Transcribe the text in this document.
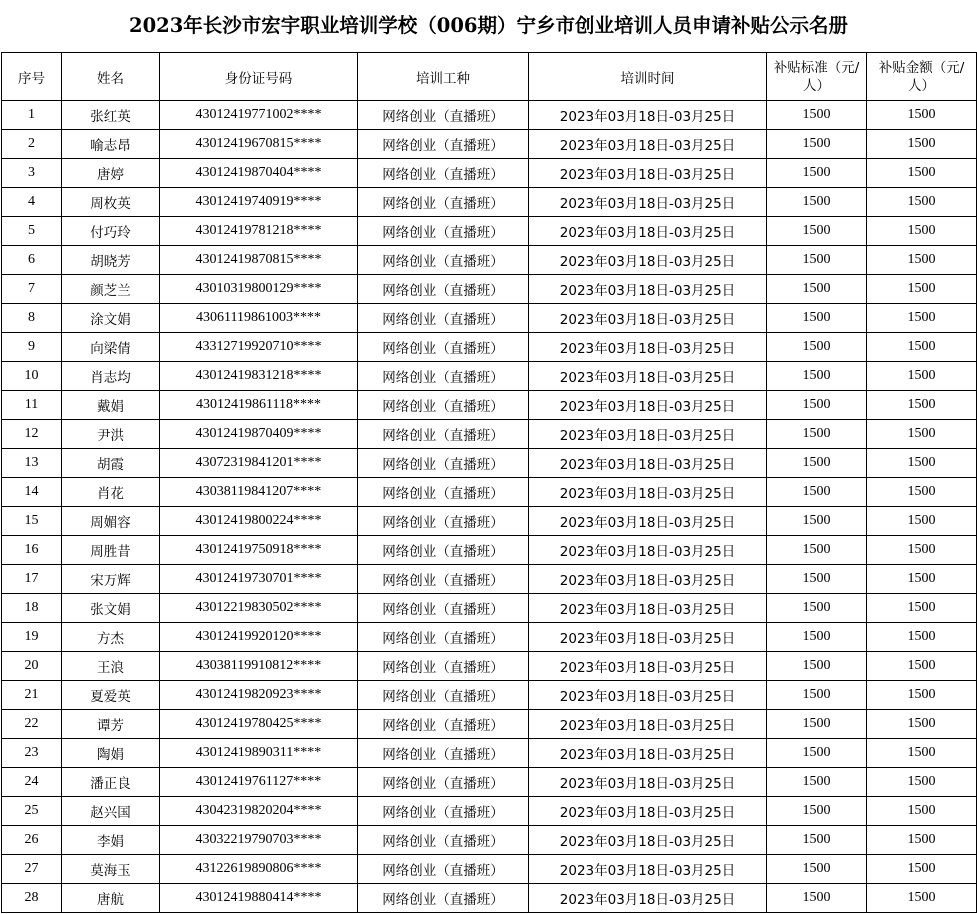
2023年长沙市宏宇职业培训学校（006期）宁乡市创业培训人员申请补贴公示名册
序号	姓名	身份证号码	培训工种	培训时间	补贴标准（元/人）	补贴金额（元/人）
1	张红英	43012419771002****	网络创业（直播班）	2023年03月18日-03月25日	1500	1500
2	喻志昂	43012419670815****	网络创业（直播班）	2023年03月18日-03月25日	1500	1500
3	唐婷	43012419870404****	网络创业（直播班）	2023年03月18日-03月25日	1500	1500
4	周枚英	43012419740919****	网络创业（直播班）	2023年03月18日-03月25日	1500	1500
5	付巧玲	43012419781218****	网络创业（直播班）	2023年03月18日-03月25日	1500	1500
6	胡晓芳	43012419870815****	网络创业（直播班）	2023年03月18日-03月25日	1500	1500
7	颜芝兰	43010319800129****	网络创业（直播班）	2023年03月18日-03月25日	1500	1500
8	涂文娟	43061119861003****	网络创业（直播班）	2023年03月18日-03月25日	1500	1500
9	向梁倩	43312719920710****	网络创业（直播班）	2023年03月18日-03月25日	1500	1500
10	肖志均	43012419831218****	网络创业（直播班）	2023年03月18日-03月25日	1500	1500
11	戴娟	43012419861118****	网络创业（直播班）	2023年03月18日-03月25日	1500	1500
12	尹洪	43012419870409****	网络创业（直播班）	2023年03月18日-03月25日	1500	1500
13	胡霞	43072319841201****	网络创业（直播班）	2023年03月18日-03月25日	1500	1500
14	肖花	43038119841207****	网络创业（直播班）	2023年03月18日-03月25日	1500	1500
15	周媚容	43012419800224****	网络创业（直播班）	2023年03月18日-03月25日	1500	1500
16	周胜昔	43012419750918****	网络创业（直播班）	2023年03月18日-03月25日	1500	1500
17	宋万辉	43012419730701****	网络创业（直播班）	2023年03月18日-03月25日	1500	1500
18	张文娟	43012219830502****	网络创业（直播班）	2023年03月18日-03月25日	1500	1500
19	方杰	43012419920120****	网络创业（直播班）	2023年03月18日-03月25日	1500	1500
20	王浪	43038119910812****	网络创业（直播班）	2023年03月18日-03月25日	1500	1500
21	夏爱英	43012419820923****	网络创业（直播班）	2023年03月18日-03月25日	1500	1500
22	谭芳	43012419780425****	网络创业（直播班）	2023年03月18日-03月25日	1500	1500
23	陶娟	43012419890311****	网络创业（直播班）	2023年03月18日-03月25日	1500	1500
24	潘正良	43012419761127****	网络创业（直播班）	2023年03月18日-03月25日	1500	1500
25	赵兴国	43042319820204****	网络创业（直播班）	2023年03月18日-03月25日	1500	1500
26	李娟	43032219790703****	网络创业（直播班）	2023年03月18日-03月25日	1500	1500
27	莫海玉	43122619890806****	网络创业（直播班）	2023年03月18日-03月25日	1500	1500
28	唐航	43012419880414****	网络创业（直播班）	2023年03月18日-03月25日	1500	1500
